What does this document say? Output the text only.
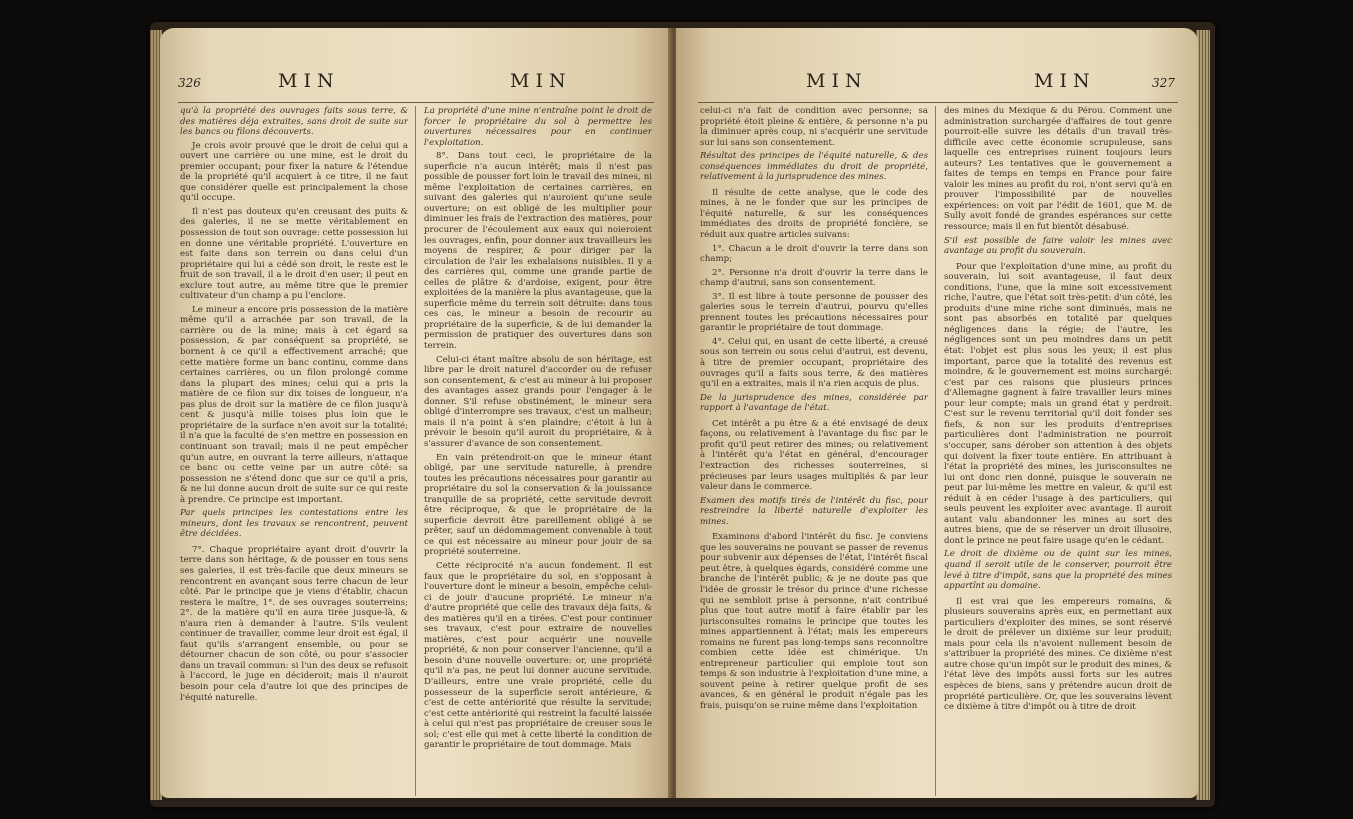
326	MIN	MIN

qu'à la propriété des ouvrages faits sous terre, & des matières déja extraites, sans droit de suite sur les bancs ou filons découverts.

Je crois avoir prouvé que le droit de celui qui a ouvert une carrière ou une mine, est le droit du premier occupant; pour fixer la nature & l'étendue de la propriété qu'il acquiert à ce titre, il ne faut que considérer quelle est principalement la chose qu'il occupe.

Il n'est pas douteux qu'en creusant des puits & des galeries, il ne se mette véritablement en possession de tout son ouvrage: cette possession lui en donne une véritable propriété. L'ouverture en est faite dans son terrein ou dans celui d'un propriétaire qui lui a cédé son droit, le reste est le fruit de son travail, il a le droit d'en user; il peut en exclure tout autre, au même titre que le premier cultivateur d'un champ a pu l'enclore.

Le mineur a encore pris possession de la matière même qu'il a arrachée par son travail, de la carrière ou de la mine; mais à cet égard sa possession, & par conséquent sa propriété, se bornent à ce qu'il a effectivement arraché; que cette matière forme un banc continu, comme dans certaines carrières, ou un filon prolongé comme dans la plupart des mines; celui qui a pris la matière de ce filon sur dix toises de longueur, n'a pas plus de droit sur la matière de ce filon jusqu'à cent & jusqu'à mille toises plus loin que le propriétaire de la surface n'en avoit sur la totalité; il n'a que la faculté de s'en mettre en possession en continuant son travail; mais il ne peut empêcher qu'un autre, en ouvrant la terre ailleurs, n'attaque ce banc ou cette veine par un autre côté: sa possession ne s'étend donc que sur ce qu'il a pris, & ne lui donne aucun droit de suite sur ce qui reste à prendre. Ce principe est important.

Par quels principes les contestations entre les mineurs, dont les travaux se rencontrent, peuvent être décidées.

7°. Chaque propriétaire ayant droit d'ouvrir la terre dans son héritage, & de pousser en tous sens ses galeries, il est très-facile que deux mineurs se rencontrent en avançant sous terre chacun de leur côté. Par le principe que je viens d'établir, chacun restera le maître, 1°. de ses ouvrages souterreins; 2°. de la matière qu'il en aura tirée jusque-là, & n'aura rien à demander à l'autre. S'ils veulent continuer de travailler, comme leur droit est égal, il faut qu'ils s'arrangent ensemble, ou pour se détourner chacun de son côté, ou pour s'associer dans un travail commun: si l'un des deux se refusoit à l'accord, le juge en décideroit; mais il n'auroit besoin pour cela d'autre loi que des principes de l'équité naturelle.

La propriété d'une mine n'entraîne point le droit de forcer le propriétaire du sol à permettre les ouvertures nécessaires pour en continuer l'exploitation.

8°. Dans tout ceci, le propriétaire de la superficie n'a aucun intérêt; mais il n'est pas possible de pousser fort loin le travail des mines, ni même l'exploitation de certaines carrières, en suivant des galeries qui n'auroient qu'une seule ouverture; on est obligé de les multiplier pour diminuer les frais de l'extraction des matières, pour procurer de l'écoulement aux eaux qui noieroient les ouvrages, enfin, pour donner aux travailleurs les moyens de respirer, & pour diriger par la circulation de l'air les exhalaisons nuisibles. Il y a des carrières qui, comme une grande partie de celles de plâtre & d'ardoise, exigent, pour être exploitées de la manière la plus avantageuse, que la superficie même du terrein soit détruite: dans tous ces cas, le mineur a besoin de recourir au propriétaire de la superficie, & de lui demander la permission de pratiquer des ouvertures dans son terrein.

Celui-ci étant maître absolu de son héritage, est libre par le droit naturel d'accorder ou de refuser son consentement, & c'est au mineur à lui proposer des avantages assez grands pour l'engager à le donner. S'il refuse obstinément, le mineur sera obligé d'interrompre ses travaux, c'est un malheur; mais il n'a point à s'en plaindre; c'étoit à lui à prévoir le besoin qu'il auroit du propriétaire, & à s'assurer d'avance de son consentement.

En vain prétendroit-on que le mineur étant obligé, par une servitude naturelle, à prendre toutes les précautions nécessaires pour garantir au propriétaire du sol la conservation & la jouissance tranquille de sa propriété, cette servitude devroit être réciproque, & que le propriétaire de la superficie devroit être pareillement obligé à se prêter, sauf un dédommagement convenable à tout ce qui est nécessaire au mineur pour jouir de sa propriété souterreine.

Cette réciprocité n'a aucun fondement. Il est faux que le propriétaire du sol, en s'opposant à l'ouverture dont le mineur a besoin, empêche celui-ci de jouir d'aucune propriété. Le mineur n'a d'autre propriété que celle des travaux déja faits, & des matières qu'il en a tirées. C'est pour continuer ses travaux, c'est pour extraire de nouvelles matières, c'est pour acquérir une nouvelle propriété, & non pour conserver l'ancienne, qu'il a besoin d'une nouvelle ouverture: or, une propriété qu'il n'a pas, ne peut lui donner aucune servitude. D'ailleurs, entre une vraie propriété, celle du possesseur de la superficie seroit antérieure, & c'est de cette antériorité que résulte la servitude; c'est cette antériorité qui restreint la faculté laissée à celui qui n'est pas propriétaire de creuser sous le sol; c'est elle qui met à cette liberté la condition de garantir le propriétaire de tout dommage. Mais

MIN	MIN	327

celui-ci n'a fait de condition avec personne; sa propriété étoit pleine & entière, & personne n'a pu la diminuer après coup, ni s'acquérir une servitude sur lui sans son consentement.

Résultat des principes de l'équité naturelle, & des conséquences immédiates du droit de propriété, relativement à la jurisprudence des mines.

Il résulte de cette analyse, que le code des mines, à ne le fonder que sur les principes de l'équité naturelle, & sur les conséquences immédiates des droits de propriété foncière, se réduit aux quatre articles suivans:

1°. Chacun a le droit d'ouvrir la terre dans son champ;

2°. Personne n'a droit d'ouvrir la terre dans le champ d'autrui, sans son consentement.

3°. Il est libre à toute personne de pousser des galeries sous le terrein d'autrui, pourvu qu'elles prennent toutes les précautions nécessaires pour garantir le propriétaire de tout dommage.

4°. Celui qui, en usant de cette liberté, a creusé sous son terrein ou sous celui d'autrui, est devenu, à titre de premier occupant, propriétaire des ouvrages qu'il a faits sous terre, & des matières qu'il en a extraites, mais il n'a rien acquis de plus.

De la jurisprudence des mines, considérée par rapport à l'avantage de l'état.

Cet intérêt a pu être & a été envisagé de deux façons, ou relativement à l'avantage du fisc par le profit qu'il peut retirer des mines; ou relativement à l'intérêt qu'a l'état en général, d'encourager l'extraction des richesses souterreines, si précieuses par leurs usages multipliés & par leur valeur dans le commerce.

Examen des motifs tirés de l'intérêt du fisc, pour restreindre la liberté naturelle d'exploiter les mines.

Examinons d'abord l'intérêt du fisc. Je conviens que les souverains ne pouvant se passer de revenus pour subvenir aux dépenses de l'état, l'intérêt fiscal peut être, à quelques égards, considéré comme une branche de l'intérêt public; & je ne doute pas que l'idée de grossir le trésor du prince d'une richesse qui ne sembloit prise à personne, n'ait contribué plus que tout autre motif à faire établir par les jurisconsultes romains le principe que toutes les mines appartiennent à l'état; mais les empereurs romains ne furent pas long-temps sans reconnoître combien cette idée est chimérique. Un entrepreneur particulier qui emploie tout son temps & son industrie à l'exploitation d'une mine, a souvent peine à retirer quelque profit de ses avances, & en général le produit n'égale pas les frais, puisqu'on se ruine même dans l'exploitation

des mines du Mexique & du Pérou. Comment une administration surchargée d'affaires de tout genre pourroit-elle suivre les détails d'un travail très-difficile avec cette économie scrupuleuse, sans laquelle ces entreprises ruinent toujours leurs auteurs? Les tentatives que le gouvernement a faites de temps en temps en France pour faire valoir les mines au profit du roi, n'ont servi qu'à en prouver l'impossibilité par de nouvelles expériences: on voit par l'édit de 1601, que M. de Sully avoit fondé de grandes espérances sur cette ressource; mais il en fut bientôt désabusé.

S'il est possible de faire valoir les mines avec avantage au profit du souverain.

Pour que l'exploitation d'une mine, au profit du souverain, lui soit avantageuse, il faut deux conditions, l'une, que la mine soit excessivement riche, l'autre, que l'état soit très-petit: d'un côté, les produits d'une mine riche sont diminués, mais ne sont pas absorbés en totalité par quelques négligences dans la régie; de l'autre, les négligences sont un peu moindres dans un petit état: l'objet est plus sous les yeux; il est plus important, parce que la totalité des revenus est moindre, & le gouvernement est moins surchargé: c'est par ces raisons que plusieurs princes d'Allemagne gagnent à faire travailler leurs mines pour leur compte; mais un grand état y perdroit. C'est sur le revenu territorial qu'il doit fonder ses fiefs, & non sur les produits d'entreprises particulières dont l'administration ne pourroit s'occuper, sans dérober son attention à des objets qui doivent la fixer toute entière. En attribuant à l'état la propriété des mines, les jurisconsultes ne lui ont donc rien donné, puisque le souverain ne peut par lui-même les mettre en valeur, & qu'il est réduit à en céder l'usage à des particuliers, qui seuls peuvent les exploiter avec avantage. Il auroit autant valu abandonner les mines au sort des autres biens, que de se réserver un droit illusoire, dont le prince ne peut faire usage qu'en le cédant.

Le droit de dixième ou de quint sur les mines, quand il seroit utile de le conserver, pourroit être levé à titre d'impôt, sans que la propriété des mines appartînt au domaine.

Il est vrai que les empereurs romains, & plusieurs souverains après eux, en permettant aux particuliers d'exploiter des mines, se sont réservé le droit de prélever un dixième sur leur produit; mais pour cela ils n'avoient nullement besoin de s'attribuer la propriété des mines. Ce dixième n'est autre chose qu'un impôt sur le produit des mines, & l'état lève des impôts aussi forts sur les autres espèces de biens, sans y prétendre aucun droit de propriété particulière. Or, que les souverains lèvent ce dixième à titre d'impôt ou à titre de droit
